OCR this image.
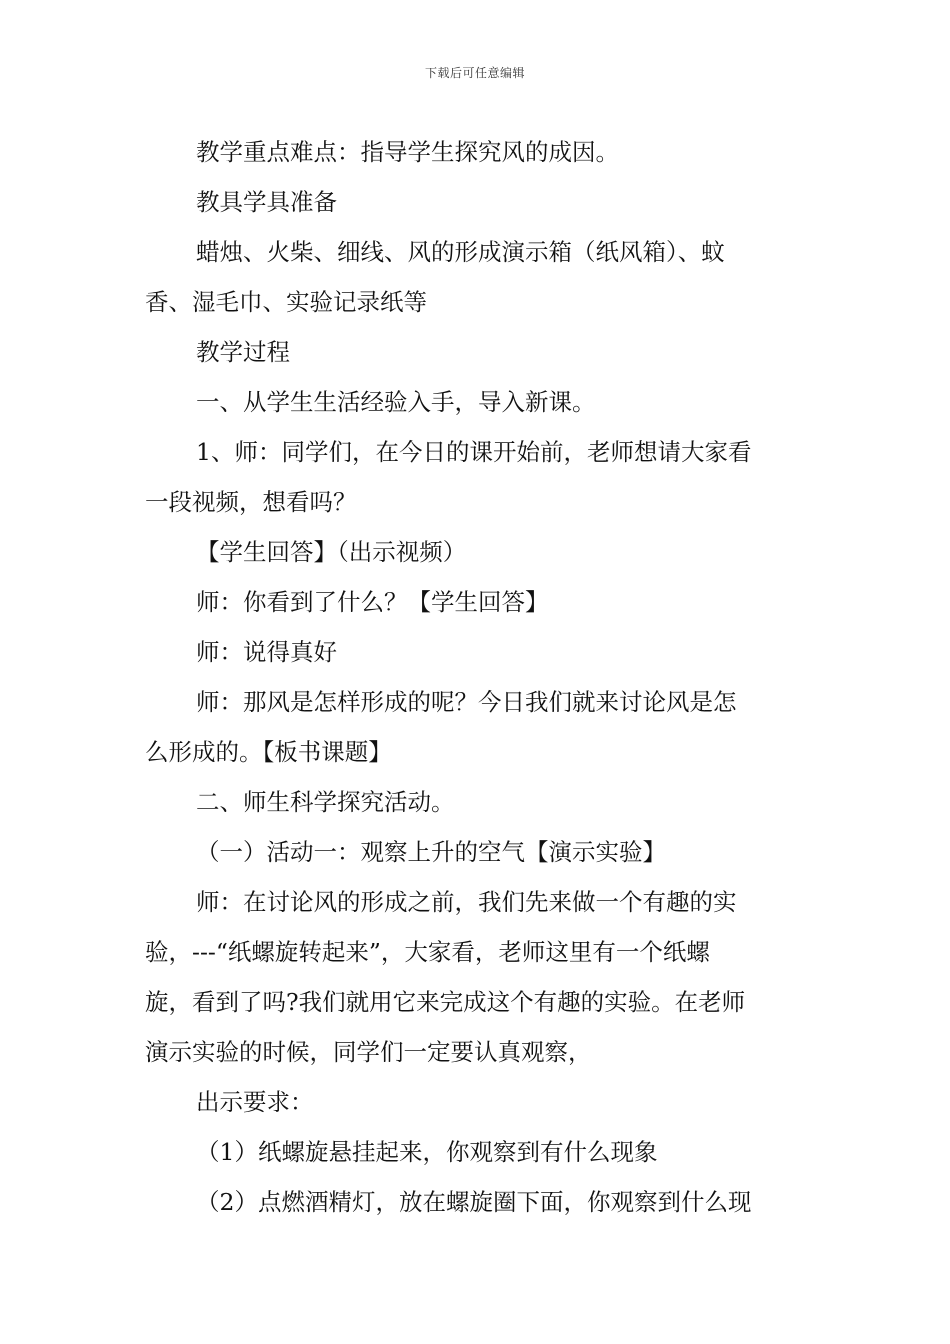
下载后可任意编辑

教学重点难点：指导学生探究风的成因。

教具学具准备

蜡烛、火柴、细线、风的形成演示箱（纸风箱）、蚊

香、湿毛巾、实验记录纸等

教学过程

一、从学生生活经验入手，导入新课。

1、师：同学们，在今日的课开始前，老师想请大家看

一段视频，想看吗？

【学生回答】（出示视频）

师：你看到了什么？【学生回答】

师：说得真好

师：那风是怎样形成的呢？今日我们就来讨论风是怎

么形成的。【板书课题】

二、师生科学探究活动。

（一）活动一：观察上升的空气【演示实验】

师：在讨论风的形成之前，我们先来做一个有趣的实

验，---“纸螺旋转起来”，大家看，老师这里有一个纸螺

旋，看到了吗?我们就用它来完成这个有趣的实验。在老师

演示实验的时候，同学们一定要认真观察，

出示要求：

（1）纸螺旋悬挂起来，你观察到有什么现象

（2）点燃酒精灯，放在螺旋圈下面，你观察到什么现
